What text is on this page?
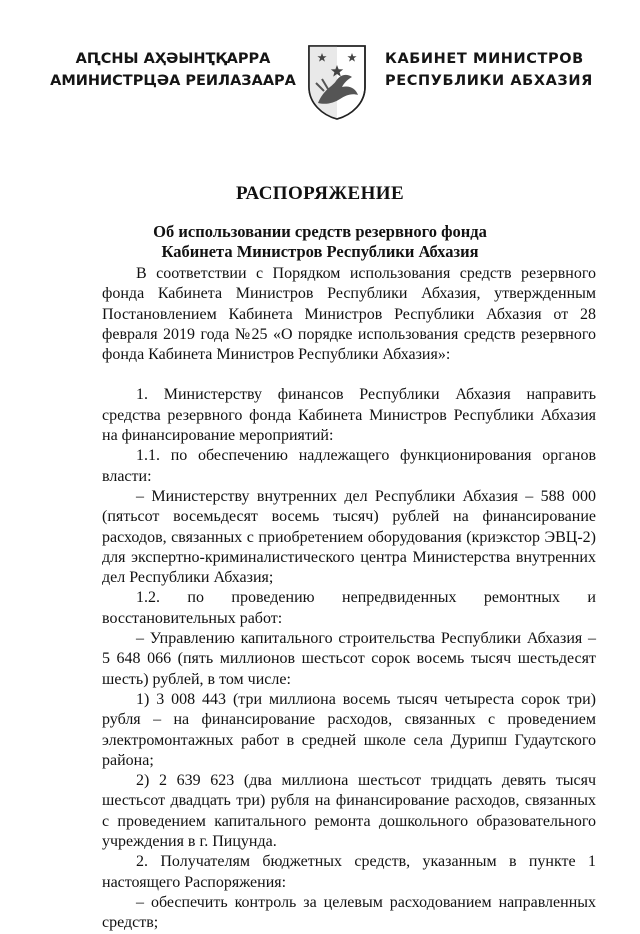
АԤСНЫ АҲӘЫНҬҚАРРА
АМИНИСТРЦӘА РЕИЛАЗААРА
КАБИНЕТ МИНИСТРОВ
РЕСПУБЛИКИ АБХАЗИЯ
РАСПОРЯЖЕНИЕ
Об использовании средств резервного фонда
Кабинета Министров Республики Абхазия

В соответствии с Порядком использования средств резервного фонда Кабинета Министров Республики Абхазия, утвержденным Постановлением Кабинета Министров Республики Абхазия от 28 февраля 2019 года №25 «О порядке использования средств резервного фонда Кабинета Министров Республики Абхазия»:

1. Министерству финансов Республики Абхазия направить средства резервного фонда Кабинета Министров Республики Абхазия на финансирование мероприятий:

1.1. по обеспечению надлежащего функционирования органов власти:

– Министерству внутренних дел Республики Абхазия – 588 000 (пятьсот восемьдесят восемь тысяч) рублей на финансирование расходов, связанных с приобретением оборудования (криэкстор ЭВЦ-2) для экспертно-криминалистического центра Министерства внутренних дел Республики Абхазия;

1.2. по проведению непредвиденных ремонтных и восстановительных работ:

– Управлению капитального строительства Республики Абхазия – 5 648 066 (пять миллионов шестьсот сорок восемь тысяч шестьдесят шесть) рублей, в том числе:

1) 3 008 443 (три миллиона восемь тысяч четыреста сорок три) рубля – на финансирование расходов, связанных с проведением электромонтажных работ в средней школе села Дурипш Гудаутского района;

2) 2 639 623 (два миллиона шестьсот тридцать девять тысяч шестьсот двадцать три) рубля на финансирование расходов, связанных с проведением капитального ремонта дошкольного образовательного учреждения в г. Пицунда.

2. Получателям бюджетных средств, указанным в пункте 1 настоящего Распоряжения:

– обеспечить контроль за целевым расходованием направленных средств;
